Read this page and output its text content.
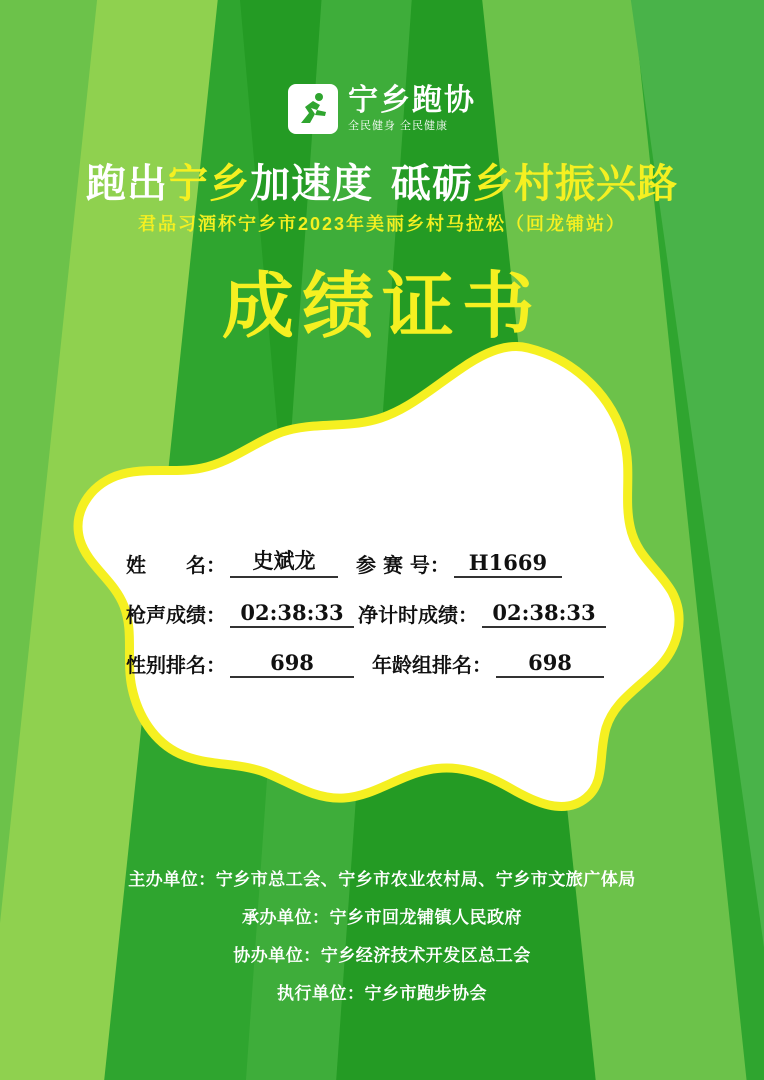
宁乡跑协
全民健身 全民健康
跑出宁乡加速度 砥砺乡村振兴路
君品习酒杯宁乡市2023年美丽乡村马拉松（回龙铺站）
成绩证书
姓　　名：	史斌龙	参 赛 号： H1669
枪声成绩： 02:38:33 净计时成绩： 02:38:33
性别排名：	698	年龄组排名：	698
主办单位：宁乡市总工会、宁乡市农业农村局、宁乡市文旅广体局
承办单位：宁乡市回龙铺镇人民政府
协办单位：宁乡经济技术开发区总工会
执行单位：宁乡市跑步协会
